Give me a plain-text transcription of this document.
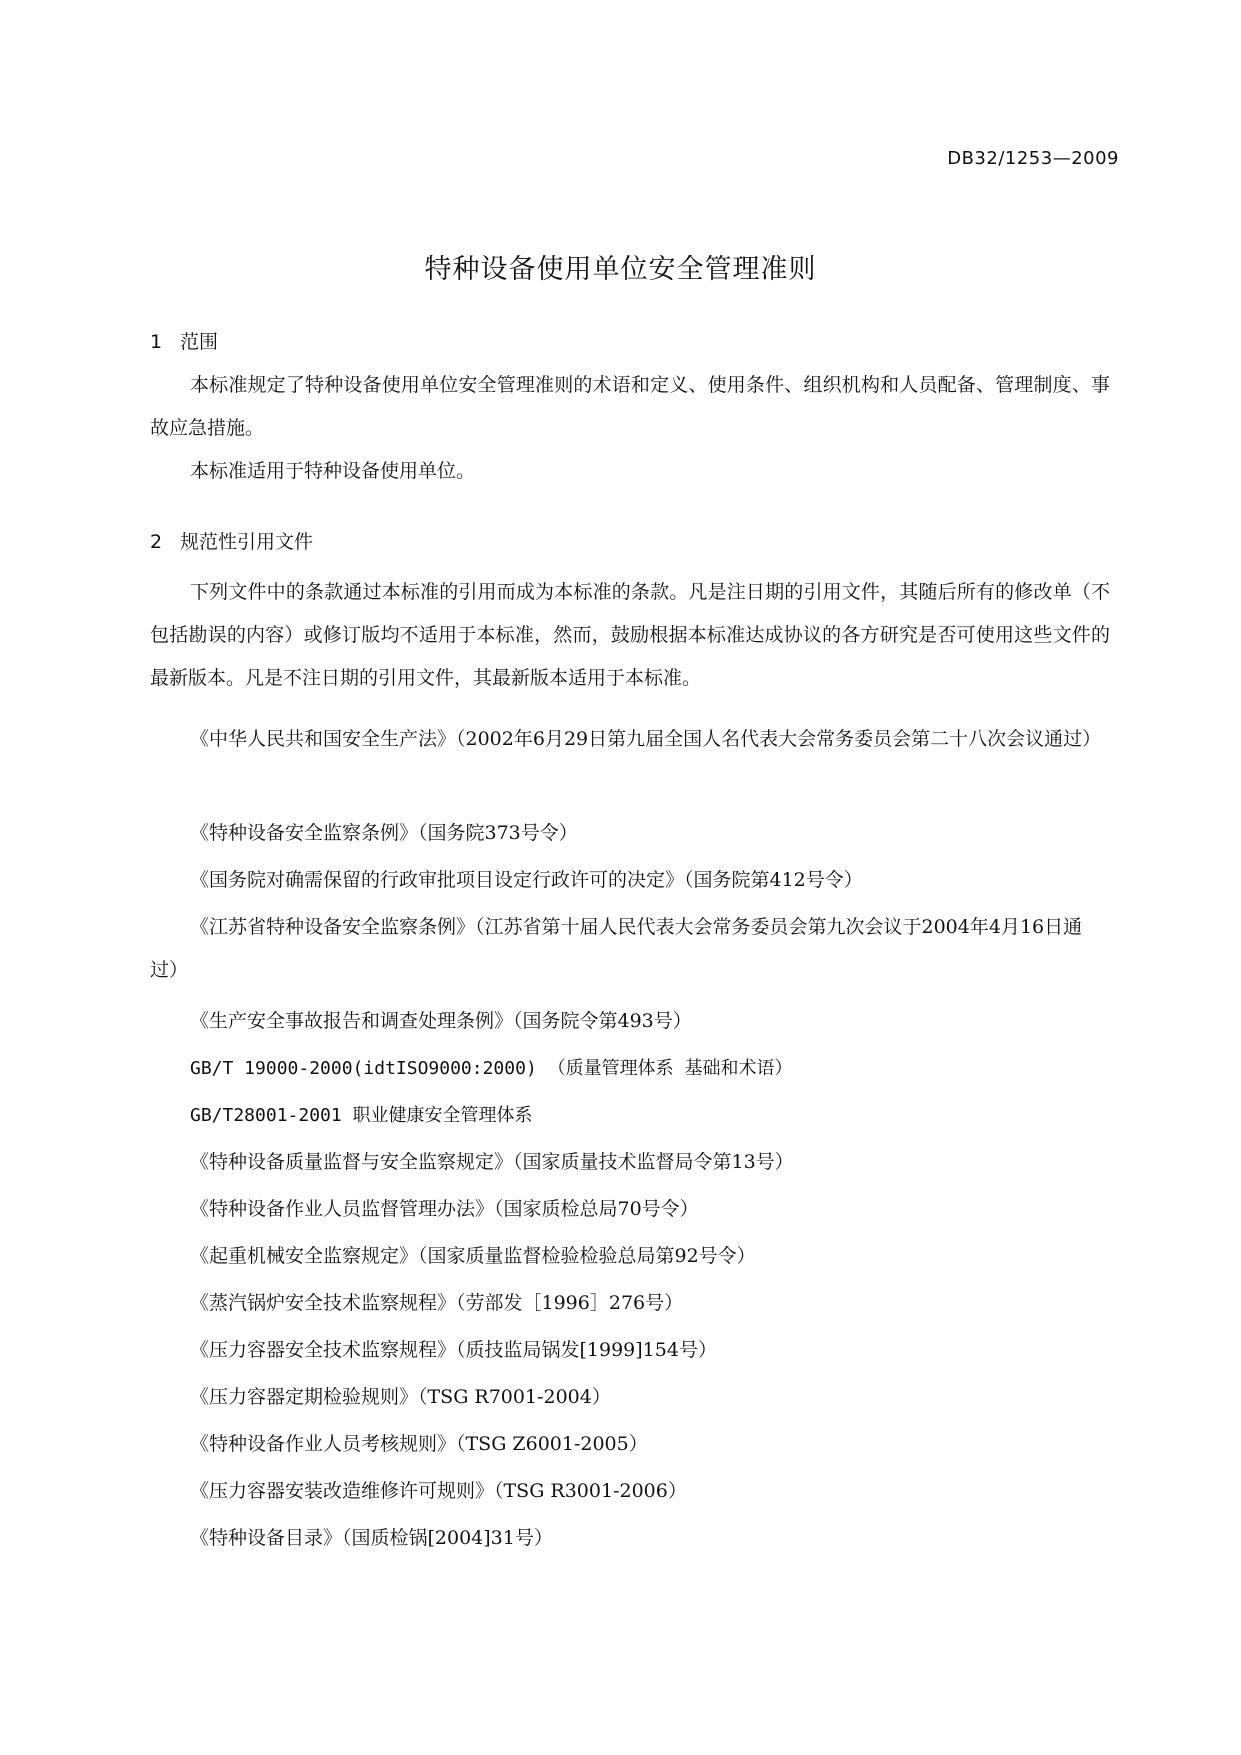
DB32/1253—2009
特种设备使用单位安全管理准则
1 范围

本标准规定了特种设备使用单位安全管理准则的术语和定义、使用条件、组织机构和人员配备、管理制度、事故应急措施。

本标准适用于特种设备使用单位。

2 规范性引用文件

下列文件中的条款通过本标准的引用而成为本标准的条款。凡是注日期的引用文件，其随后所有的修改单（不包括勘误的内容）或修订版均不适用于本标准，然而，鼓励根据本标准达成协议的各方研究是否可使用这些文件的最新版本。凡是不注日期的引用文件，其最新版本适用于本标准。

《中华人民共和国安全生产法》（2002年6月29日第九届全国人名代表大会常务委员会第二十八次会议通过）

《特种设备安全监察条例》（国务院373号令）

《国务院对确需保留的行政审批项目设定行政许可的决定》（国务院第412号令）

《江苏省特种设备安全监察条例》（江苏省第十届人民代表大会常务委员会第九次会议于2004年4月16日通过）

《生产安全事故报告和调查处理条例》（国务院令第493号）

GB/T 19000-2000(idtISO9000:2000) （质量管理体系 基础和术语）

GB/T28001-2001 职业健康安全管理体系

《特种设备质量监督与安全监察规定》（国家质量技术监督局令第13号）

《特种设备作业人员监督管理办法》（国家质检总局70号令）

《起重机械安全监察规定》（国家质量监督检验检验总局第92号令）

《蒸汽锅炉安全技术监察规程》（劳部发［1996］276号）

《压力容器安全技术监察规程》（质技监局锅发[1999]154号）

《压力容器定期检验规则》（TSG R7001-2004）

《特种设备作业人员考核规则》（TSG Z6001-2005）

《压力容器安装改造维修许可规则》（TSG R3001-2006）

《特种设备目录》（国质检锅[2004]31号）
